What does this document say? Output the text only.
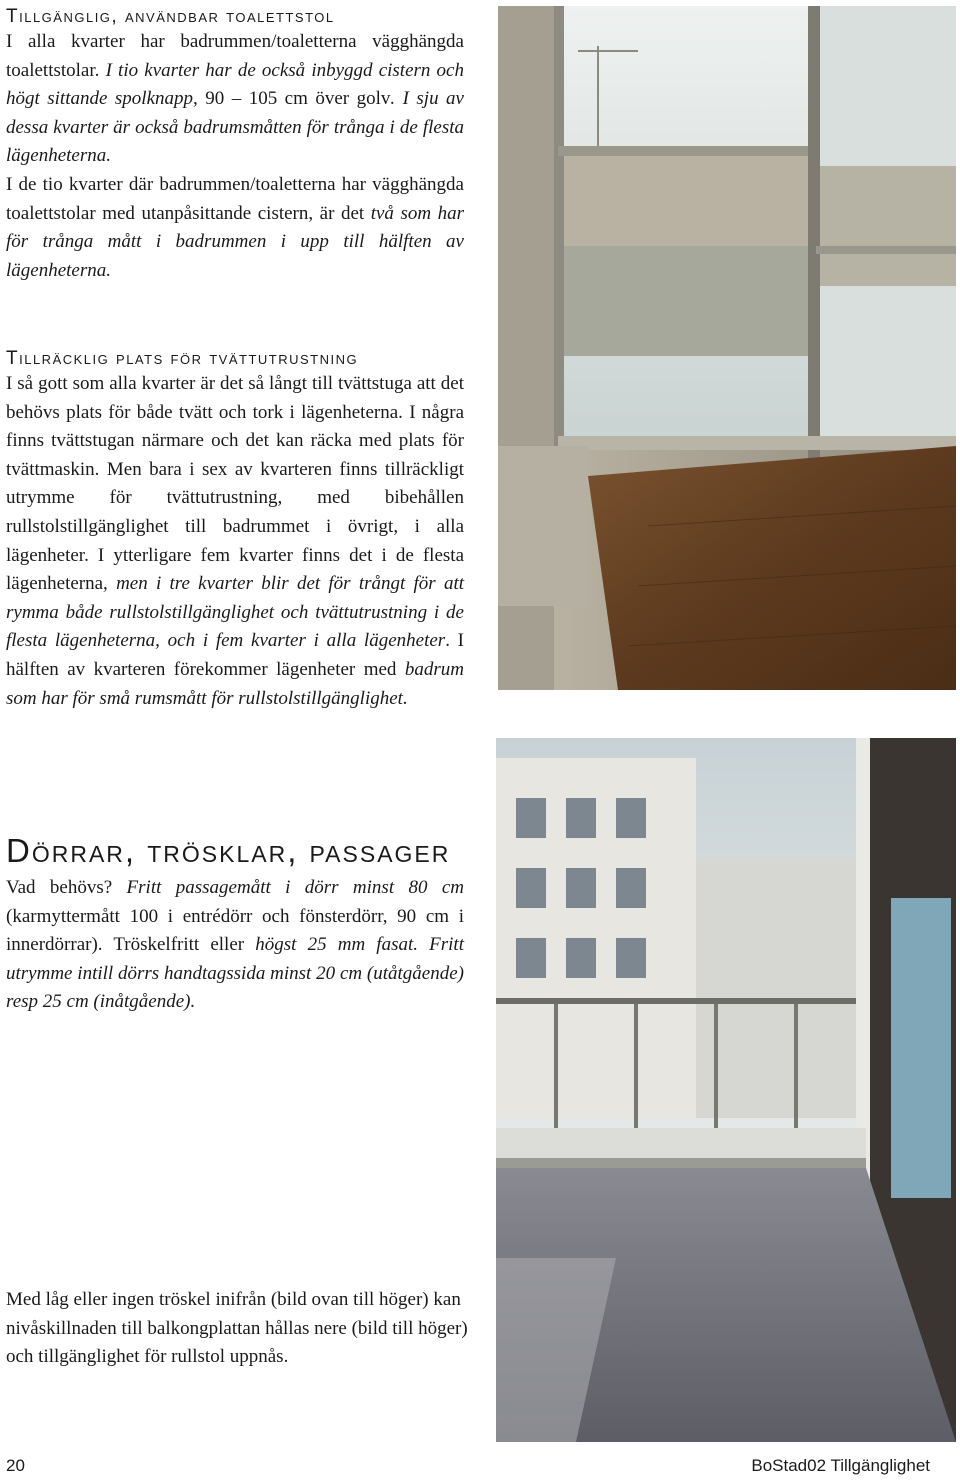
Tillgänglig, användbar toalettstol

I alla kvarter har badrummen/toaletterna vägghängda toalettstolar. I tio kvarter har de också inbyggd cistern och högt sittande spolknapp, 90 – 105 cm över golv. I sju av dessa kvarter är också badrumsmåtten för trånga i de flesta lägenheterna.

I de tio kvarter där badrummen/toaletterna har vägghängda toalettstolar med utanpåsittande cistern, är det två som har för trånga mått i badrummen i upp till hälften av lägenheterna.

Tillräcklig plats för tvättutrustning

I så gott som alla kvarter är det så långt till tvättstuga att det behövs plats för både tvätt och tork i lägenheterna. I några finns tvättstugan närmare och det kan räcka med plats för tvättmaskin. Men bara i sex av kvarteren finns tillräckligt utrymme för tvättutrustning, med bibehållen rullstolstillgänglighet till badrummet i övrigt, i alla lägenheter. I ytterligare fem kvarter finns det i de flesta lägenheterna, men i tre kvarter blir det för trångt för att rymma både rullstolstillgänglighet och tvättutrustning i de flesta lägenheterna, och i fem kvarter i alla lägenheter. I hälften av kvarteren förekommer lägenheter med badrum som har för små rumsmått för rullstolstillgänglighet.

Dörrar, trösklar, passager

Vad behövs? Fritt passagemått i dörr minst 80 cm (karmyttermått 100 i entrédörr och fönsterdörr, 90 cm i innerdörrar). Tröskelfritt eller högst 25 mm fasat. Fritt utrymme intill dörrs handtagssida minst 20 cm (utåtgående) resp 25 cm (inåtgående).

Med låg eller ingen tröskel inifrån (bild ovan till höger) kan nivåskillnaden till balkongplattan hållas nere (bild till höger) och tillgänglighet för rullstol uppnås.

20	BoStad02 Tillgänglighet
